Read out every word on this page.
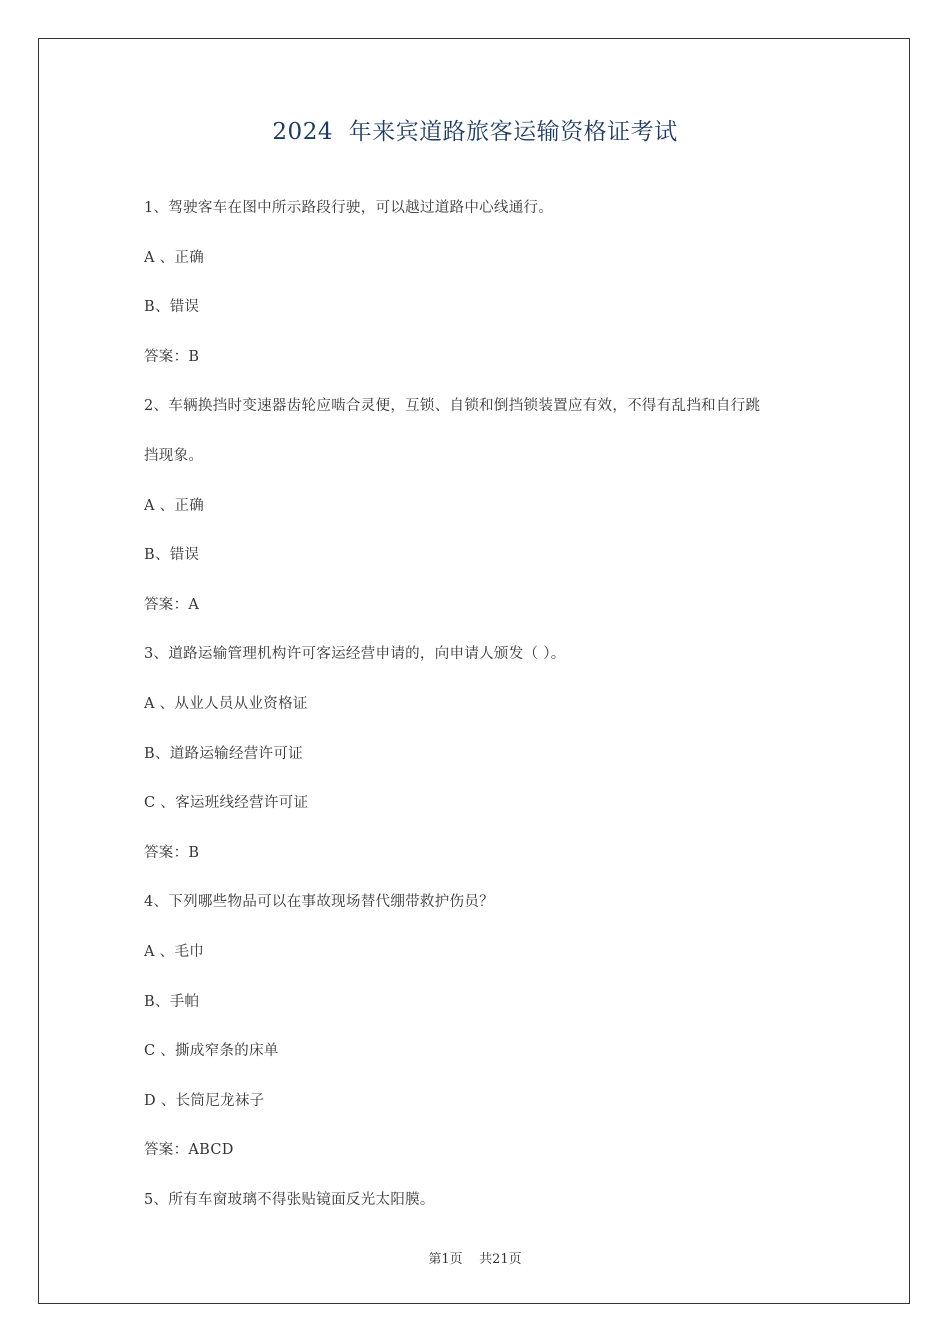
2024  年来宾道路旅客运输资格证考试
1、驾驶客车在图中所示路段行驶，可以越过道路中心线通行。
A 、正确
B、错误
答案：B
2、车辆换挡时变速器齿轮应啮合灵便，互锁、自锁和倒挡锁装置应有效，不得有乱挡和自行跳
挡现象。
A 、正确
B、错误
答案：A
3、道路运输管理机构许可客运经营申请的，向申请人颁发（ ）。
A 、从业人员从业资格证
B、道路运输经营许可证
C 、客运班线经营许可证
答案：B
4、下列哪些物品可以在事故现场替代绷带救护伤员？
A 、毛巾
B、手帕
C 、撕成窄条的床单
D 、长筒尼龙袜子
答案：ABCD
5、所有车窗玻璃不得张贴镜面反光太阳膜。
第1页    共21页
